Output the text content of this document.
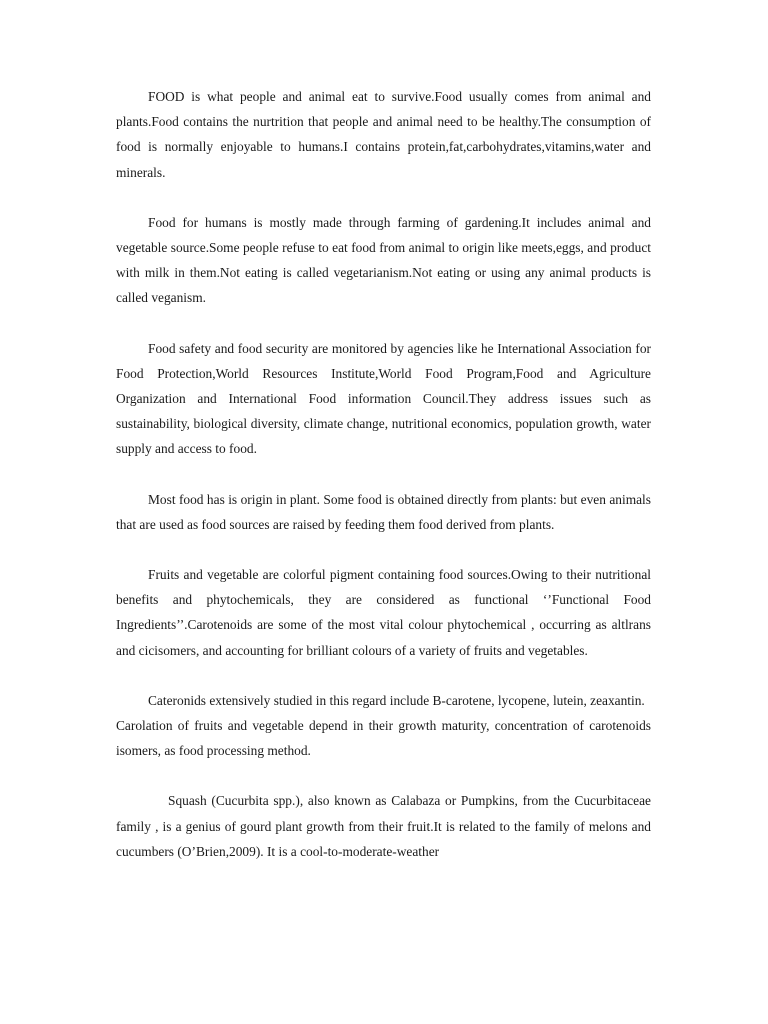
FOOD is what people and animal eat to survive.Food usually comes from animal and plants.Food contains the nurtrition that people and animal need to be healthy.The consumption of food is normally enjoyable to humans.I contains protein,fat,carbohydrates,vitamins,water and minerals.

Food for humans is mostly made through farming of gardening.It includes animal and vegetable source.Some people refuse to eat food from animal to origin like meets,eggs, and product with milk in them.Not eating is called vegetarianism.Not eating or using any animal products is called veganism.

Food safety and food security are monitored by agencies like he International Association for Food Protection,World Resources Institute,World Food Program,Food and Agriculture Organization and International Food information Council.They address issues such as sustainability, biological diversity, climate change, nutritional economics, population growth, water supply and access to food.

Most food has is origin in plant. Some food is obtained directly from plants: but even animals that are used as food sources are raised by feeding them food derived from plants.

Fruits and vegetable are colorful pigment containing food sources.Owing to their nutritional benefits and phytochemicals, they are considered as functional ‘’Functional Food Ingredients’’.Carotenoids are some of the most vital colour phytochemical , occurring as altlrans and cicisomers, and accounting for brilliant colours of a variety of fruits and vegetables.

Cateronids extensively studied in this regard include B-carotene, lycopene, lutein, zeaxantin.

Carolation of fruits and vegetable depend in their growth maturity, concentration of carotenoids isomers, as food processing method.

Squash (Cucurbita spp.), also known as Calabaza or Pumpkins, from the Cucurbitaceae family , is a genius of gourd plant growth from their fruit.It is related to the family of melons and cucumbers (O’Brien,2009). It is a cool-to-moderate-weather
